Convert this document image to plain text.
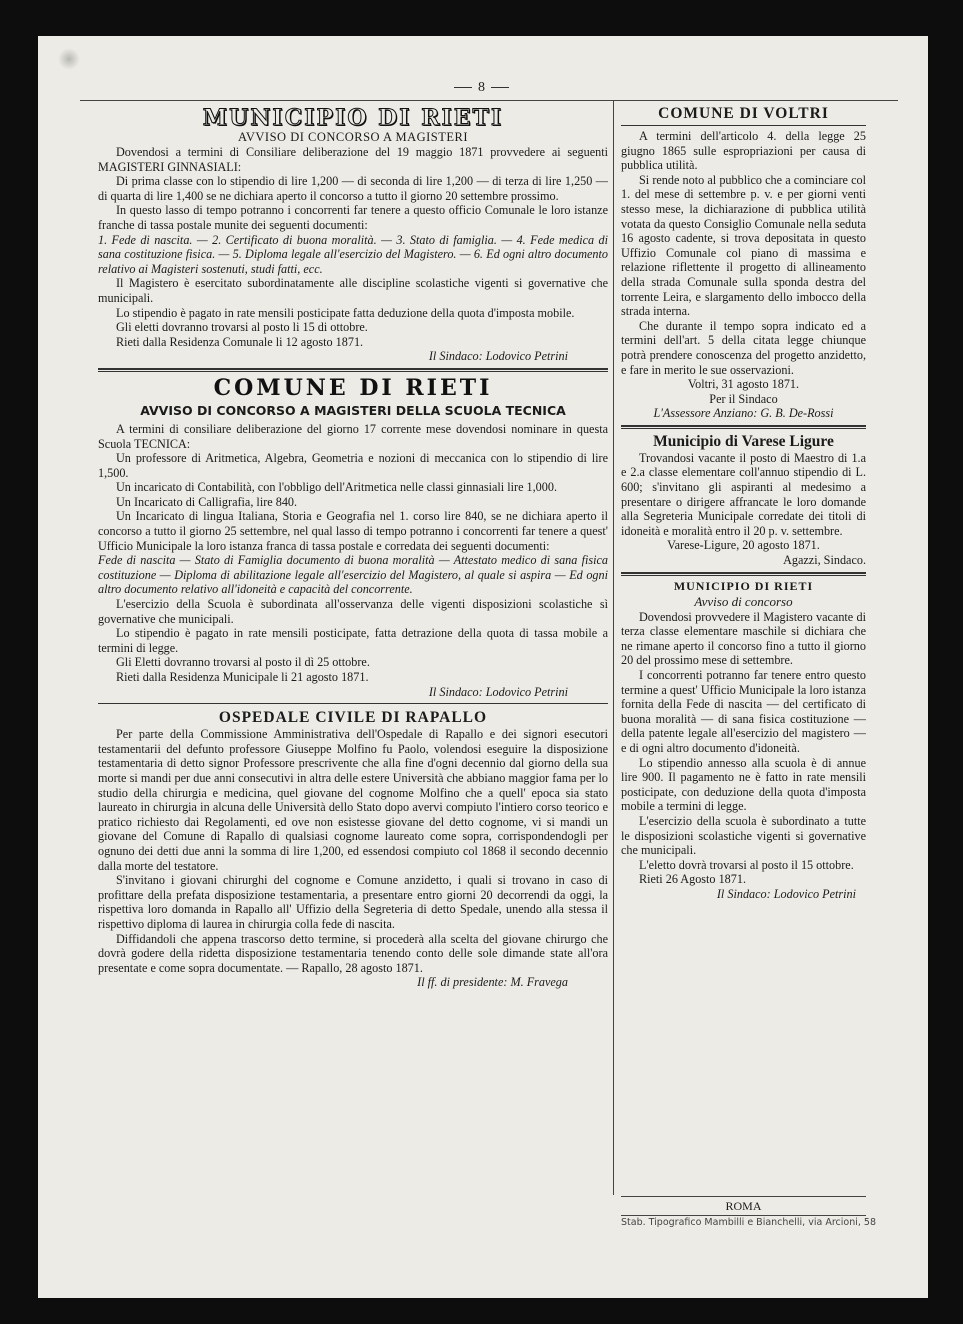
8
MUNICIPIO DI RIETI
AVVISO DI CONCORSO A MAGISTERI

Dovendosi a termini di Consiliare deliberazione del 19 maggio 1871 provvedere ai seguenti MAGISTERI GINNASIALI:

Di prima classe con lo stipendio di lire 1,200 — di seconda di lire 1,200 — di terza di lire 1,250 — di quarta di lire 1,400 se ne dichiara aperto il concorso a tutto il giorno 20 settembre prossimo.

In questo lasso di tempo potranno i concorrenti far tenere a questo officio Comunale le loro istanze franche di tassa postale munite dei seguenti documenti:

1. Fede di nascita. — 2. Certificato di buona moralità. — 3. Stato di famiglia. — 4. Fede medica di sana costituzione fisica. — 5. Diploma legale all'esercizio del Magistero. — 6. Ed ogni altro documento relativo ai Magisteri sostenuti, studi fatti, ecc.

Il Magistero è esercitato subordinatamente alle discipline scolastiche vigenti si governative che municipali.

Lo stipendio è pagato in rate mensili posticipate fatta deduzione della quota d'imposta mobile.

Gli eletti dovranno trovarsi al posto li 15 di ottobre.

Rieti dalla Residenza Comunale li 12 agosto 1871.

Il Sindaco: Lodovico Petrini

COMUNE DI RIETI
AVVISO DI CONCORSO A MAGISTERI DELLA SCUOLA TECNICA

A termini di consiliare deliberazione del giorno 17 corrente mese dovendosi nominare in questa Scuola TECNICA:

Un professore di Aritmetica, Algebra, Geometria e nozioni di meccanica con lo stipendio di lire 1,500.

Un incaricato di Contabilità, con l'obbligo dell'Aritmetica nelle classi ginnasiali lire 1,000.

Un Incaricato di Calligrafia, lire 840.

Un Incaricato di lingua Italiana, Storia e Geografia nel 1. corso lire 840, se ne dichiara aperto il concorso a tutto il giorno 25 settembre, nel qual lasso di tempo potranno i concorrenti far tenere a quest' Ufficio Municipale la loro istanza franca di tassa postale e corredata dei seguenti documenti:

Fede di nascita — Stato di Famiglia documento di buona moralità — Attestato medico di sana fisica costituzione — Diploma di abilitazione legale all'esercizio del Magistero, al quale si aspira — Ed ogni altro documento relativo all'idoneità e capacità del concorrente.

L'esercizio della Scuola è subordinata all'osservanza delle vigenti disposizioni scolastiche sì governative che municipali.

Lo stipendio è pagato in rate mensili posticipate, fatta detrazione della quota di tassa mobile a termini di legge.

Gli Eletti dovranno trovarsi al posto il dì 25 ottobre.

Rieti dalla Residenza Municipale li 21 agosto 1871.

Il Sindaco: Lodovico Petrini

OSPEDALE CIVILE DI RAPALLO

Per parte della Commissione Amministrativa dell'Ospedale di Rapallo e dei signori esecutori testamentarii del defunto professore Giuseppe Molfino fu Paolo, volendosi eseguire la disposizione testamentaria di detto signor Professore prescrivente che alla fine d'ogni decennio dal giorno della sua morte si mandi per due anni consecutivi in altra delle estere Università che abbiano maggior fama per lo studio della chirurgia e medicina, quel giovane del cognome Molfino che a quell' epoca sia stato laureato in chirurgia in alcuna delle Università dello Stato dopo avervi compiuto l'intiero corso teorico e pratico richiesto dai Regolamenti, ed ove non esistesse giovane del detto cognome, vi si mandi un giovane del Comune di Rapallo di qualsiasi cognome laureato come sopra, corrispondendogli per ognuno dei detti due anni la somma di lire 1,200, ed essendosi compiuto col 1868 il secondo decennio dalla morte del testatore.

S'invitano i giovani chirurghi del cognome e Comune anzidetto, i quali si trovano in caso di profittare della prefata disposizione testamentaria, a presentare entro giorni 20 decorrendi da oggi, la rispettiva loro domanda in Rapallo all' Uffizio della Segreteria di detto Spedale, unendo alla stessa il rispettivo diploma di laurea in chirurgia colla fede di nascita.

Diffidandoli che appena trascorso detto termine, si procederà alla scelta del giovane chirurgo che dovrà godere della ridetta disposizione testamentaria tenendo conto delle sole dimande state all'ora presentate e come sopra documentate. — Rapallo, 28 agosto 1871.

Il ff. di presidente: M. Fravega

COMUNE DI VOLTRI

A termini dell'articolo 4. della legge 25 giugno 1865 sulle espropriazioni per causa di pubblica utilità.

Si rende noto al pubblico che a cominciare col 1. del mese di settembre p. v. e per giorni venti stesso mese, la dichiarazione di pubblica utilità votata da questo Consiglio Comunale nella seduta 16 agosto cadente, si trova depositata in questo Uffizio Comunale col piano di massima e relazione riflettente il progetto di allineamento della strada Comunale sulla sponda destra del torrente Leira, e slargamento dello imbocco della strada interna.

Che durante il tempo sopra indicato ed a termini dell'art. 5 della citata legge chiunque potrà prendere conoscenza del progetto anzidetto, e fare in merito le sue osservazioni.

Voltri, 31 agosto 1871.

Per il Sindaco

L'Assessore Anziano: G. B. De-Rossi

Municipio di Varese Ligure

Trovandosi vacante il posto di Maestro di 1.a e 2.a classe elementare coll'annuo stipendio di L. 600; s'invitano gli aspiranti al medesimo a presentare o dirigere affrancate le loro domande alla Segreteria Municipale corredate dei titoli di idoneità e moralità entro il 20 p. v. settembre.

Varese-Ligure, 20 agosto 1871.

Agazzi, Sindaco.

MUNICIPIO DI RIETI
Avviso di concorso

Dovendosi provvedere il Magistero vacante di terza classe elementare maschile si dichiara che ne rimane aperto il concorso fino a tutto il giorno 20 del prossimo mese di settembre.

I concorrenti potranno far tenere entro questo termine a quest' Ufficio Municipale la loro istanza fornita della Fede di nascita — del certificato di buona moralità — di sana fisica costituzione — della patente legale all'esercizio del magistero — e di ogni altro documento d'idoneità.

Lo stipendio annesso alla scuola è di annue lire 900. Il pagamento ne è fatto in rate mensili posticipate, con deduzione della quota d'imposta mobile a termini di legge.

L'esercizio della scuola è subordinato a tutte le disposizioni scolastiche vigenti si governative che municipali.

L'eletto dovrà trovarsi al posto il 15 ottobre.

Rieti 26 Agosto 1871.

Il Sindaco: Lodovico Petrini

ROMA
Stab. Tipografico Mambilli e Bianchelli, via Arcioni, 58
